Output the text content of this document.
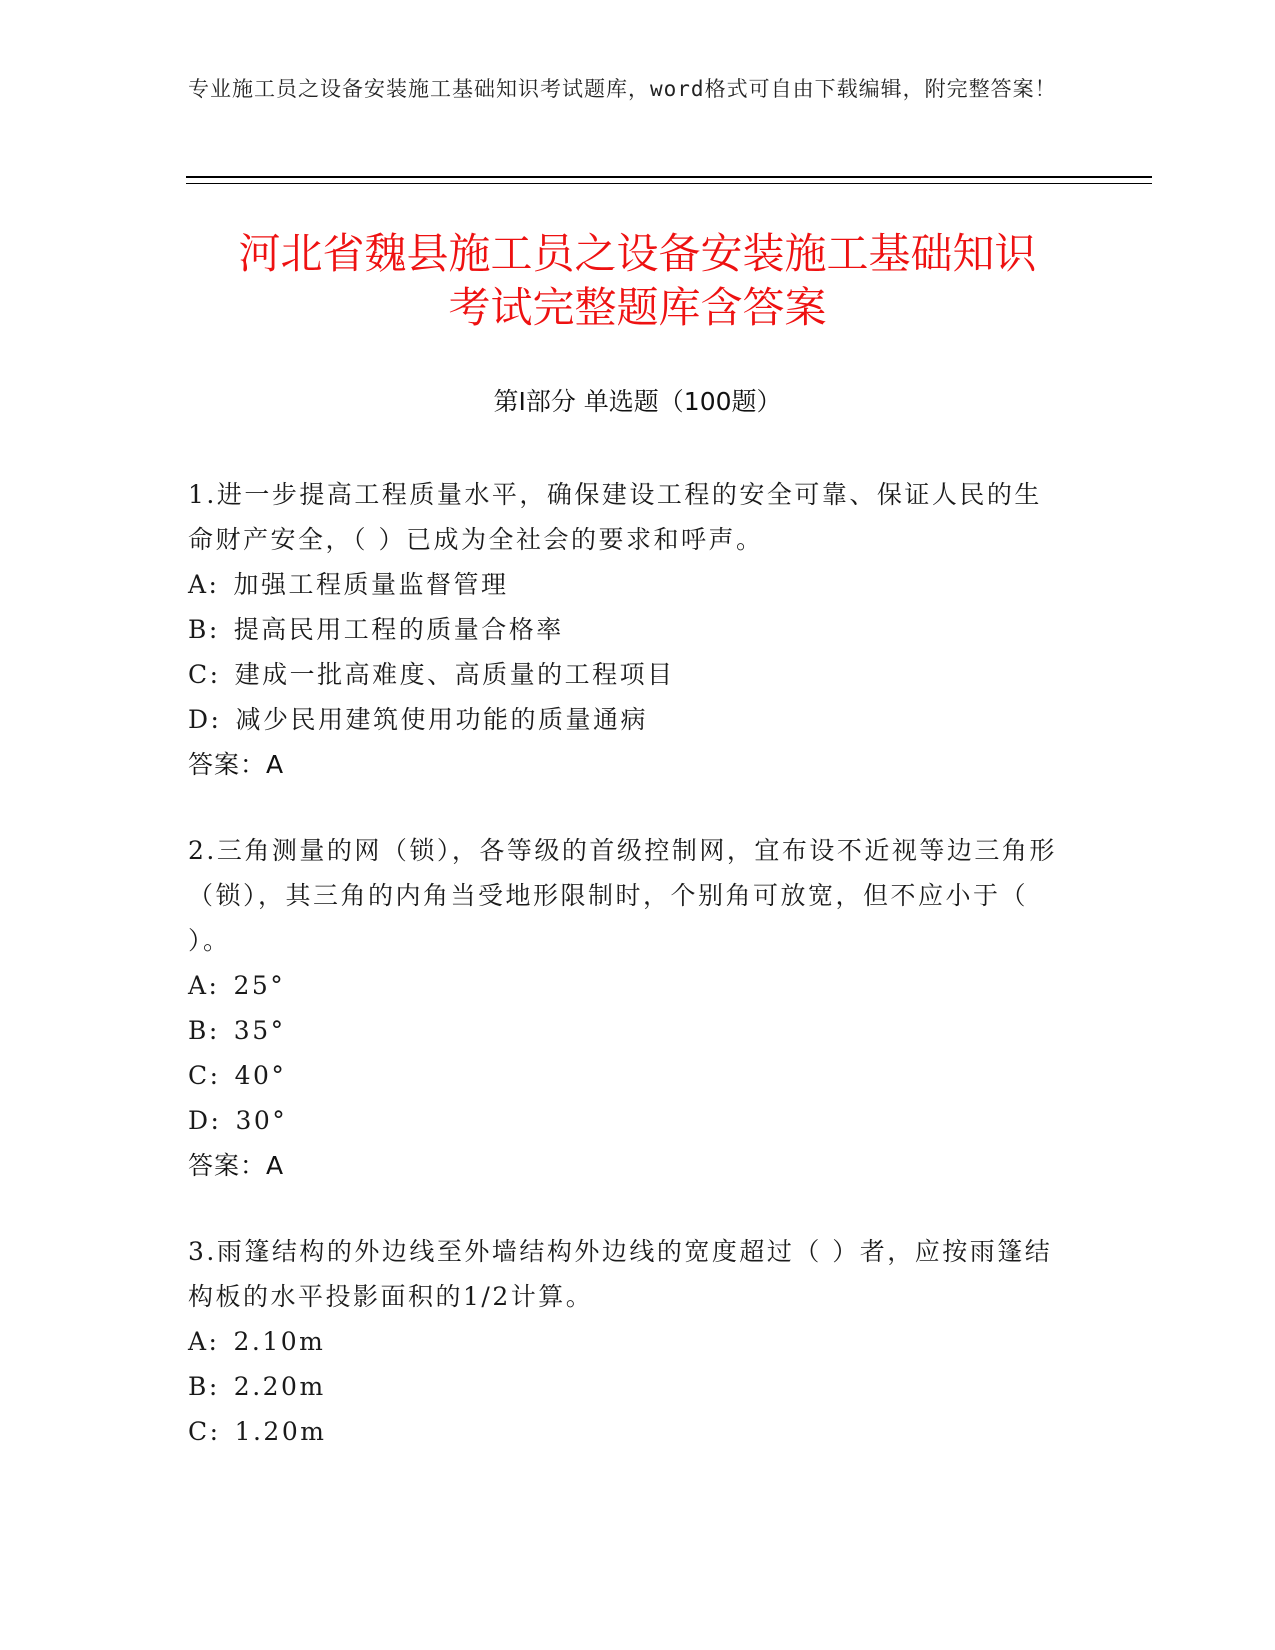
专业施工员之设备安装施工基础知识考试题库，word格式可自由下载编辑，附完整答案！
河北省魏县施工员之设备安装施工基础知识
考试完整题库含答案
第Ⅰ部分 单选题（100题）

1.进一步提高工程质量水平，确保建设工程的安全可靠、保证人民的生命财产安全，（ ）已成为全社会的要求和呼声。

A: 加强工程质量监督管理

B: 提高民用工程的质量合格率

C: 建成一批高难度、高质量的工程项目

D: 减少民用建筑使用功能的质量通病

答案：A

2.三角测量的网（锁），各等级的首级控制网，宜布设不近视等边三角形（锁），其三角的内角当受地形限制时，个别角可放宽，但不应小于（ ）。

A: 25°

B: 35°

C: 40°

D: 30°

答案：A

3.雨篷结构的外边线至外墙结构外边线的宽度超过（ ）者，应按雨篷结构板的水平投影面积的1/2计算。

A: 2.10m

B: 2.20m

C: 1.20m
